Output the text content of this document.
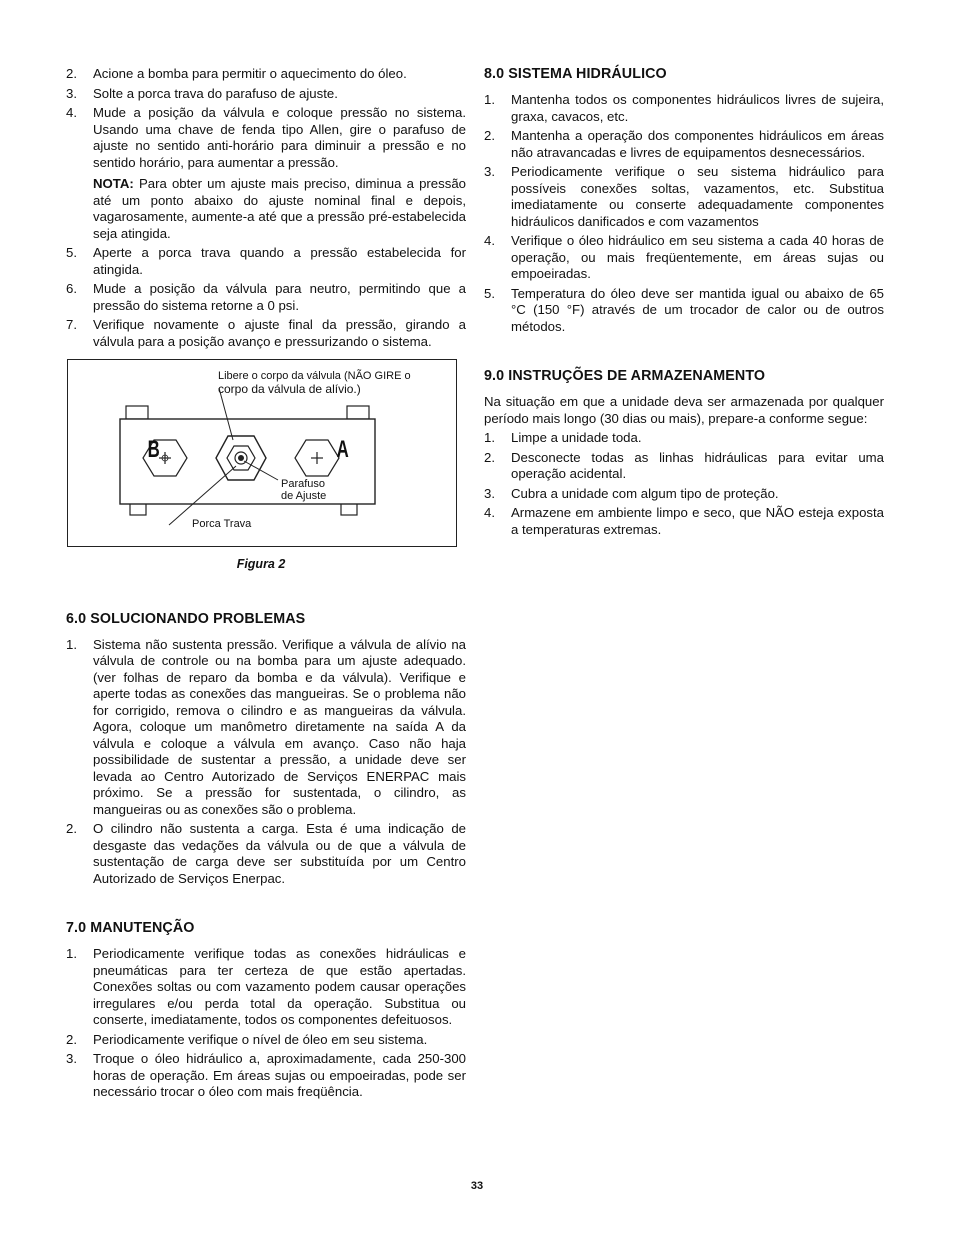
2. Acione a bomba para permitir o aquecimento do óleo.
3. Solte a porca trava do parafuso de ajuste.
4. Mude a posição da válvula e coloque pressão no sistema. Usando uma chave de fenda tipo Allen, gire o parafuso de ajuste no sentido anti-horário para diminuir a pressão e no sentido horário, para aumentar a pressão.

NOTA: Para obter um ajuste mais preciso, diminua a pressão até um ponto abaixo do ajuste nominal final e depois, vagarosamente, aumente-a até que a pressão pré-estabelecida seja atingida.

5. Aperte a porca trava quando a pressão estabelecida for atingida.
6. Mude a posição da válvula para neutro, permitindo que a pressão do sistema retorne a 0 psi.
7. Verifique novamente o ajuste final da pressão, girando a válvula para a posição avanço e pressurizando o sistema.
Libere o corpo da válvula (NÃO GIRE o
corpo da válvula de alívio.)
B	A
Parafuso
de Ajuste
Porca Trava
Figura 2
6.0 SOLUCIONANDO PROBLEMAS
1. Sistema não sustenta pressão. Verifique a válvula de alívio na válvula de controle ou na bomba para um ajuste adequado. (ver folhas de reparo da bomba e da válvula). Verifique e aperte todas as conexões das mangueiras. Se o problema não for corrigido, remova o cilindro e as mangueiras da válvula. Agora, coloque um manômetro diretamente na saída A da válvula e coloque a válvula em avanço. Caso não haja possibilidade de sustentar a pressão, a unidade deve ser levada ao Centro Autorizado de Serviços ENERPAC mais próximo. Se a pressão for sustentada, o cilindro, as mangueiras ou as conexões são o problema.
2. O cilindro não sustenta a carga. Esta é uma indicação de desgaste das vedações da válvula ou de que a válvula de sustentação de carga deve ser substituída por um Centro Autorizado de Serviços Enerpac.
7.0 MANUTENÇÃO
1. Periodicamente verifique todas as conexões hidráulicas e pneumáticas para ter certeza de que estão apertadas. Conexões soltas ou com vazamento podem causar operações irregulares e/ou perda total da operação. Substitua ou conserte, imediatamente, todos os componentes defeituosos.
2. Periodicamente verifique o nível de óleo em seu sistema.
3. Troque o óleo hidráulico a, aproximadamente, cada 250-300 horas de operação. Em áreas sujas ou empoeiradas, pode ser necessário trocar o óleo com mais freqüência.
8.0 SISTEMA HIDRÁULICO
1. Mantenha todos os componentes hidráulicos livres de sujeira, graxa, cavacos, etc.
2. Mantenha a operação dos componentes hidráulicos em áreas não atravancadas e livres de equipamentos desnecessários.
3. Periodicamente verifique o seu sistema hidráulico para possíveis conexões soltas, vazamentos, etc. Substitua imediatamente ou conserte adequadamente componentes hidráulicos danificados e com vazamentos
4. Verifique o óleo hidráulico em seu sistema a cada 40 horas de operação, ou mais freqüentemente, em áreas sujas ou empoeiradas.
5. Temperatura do óleo deve ser mantida igual ou abaixo de 65 °C (150 °F) através de um trocador de calor ou de outros métodos.
9.0 INSTRUÇÕES DE ARMAZENAMENTO

Na situação em que a unidade deva ser armazenada por qualquer período mais longo (30 dias ou mais), prepare-a conforme segue:

1. Limpe a unidade toda.
2. Desconecte todas as linhas hidráulicas para evitar uma operação acidental.
3. Cubra a unidade com algum tipo de proteção.
4. Armazene em ambiente limpo e seco, que NÃO esteja exposta a temperaturas extremas.
33
